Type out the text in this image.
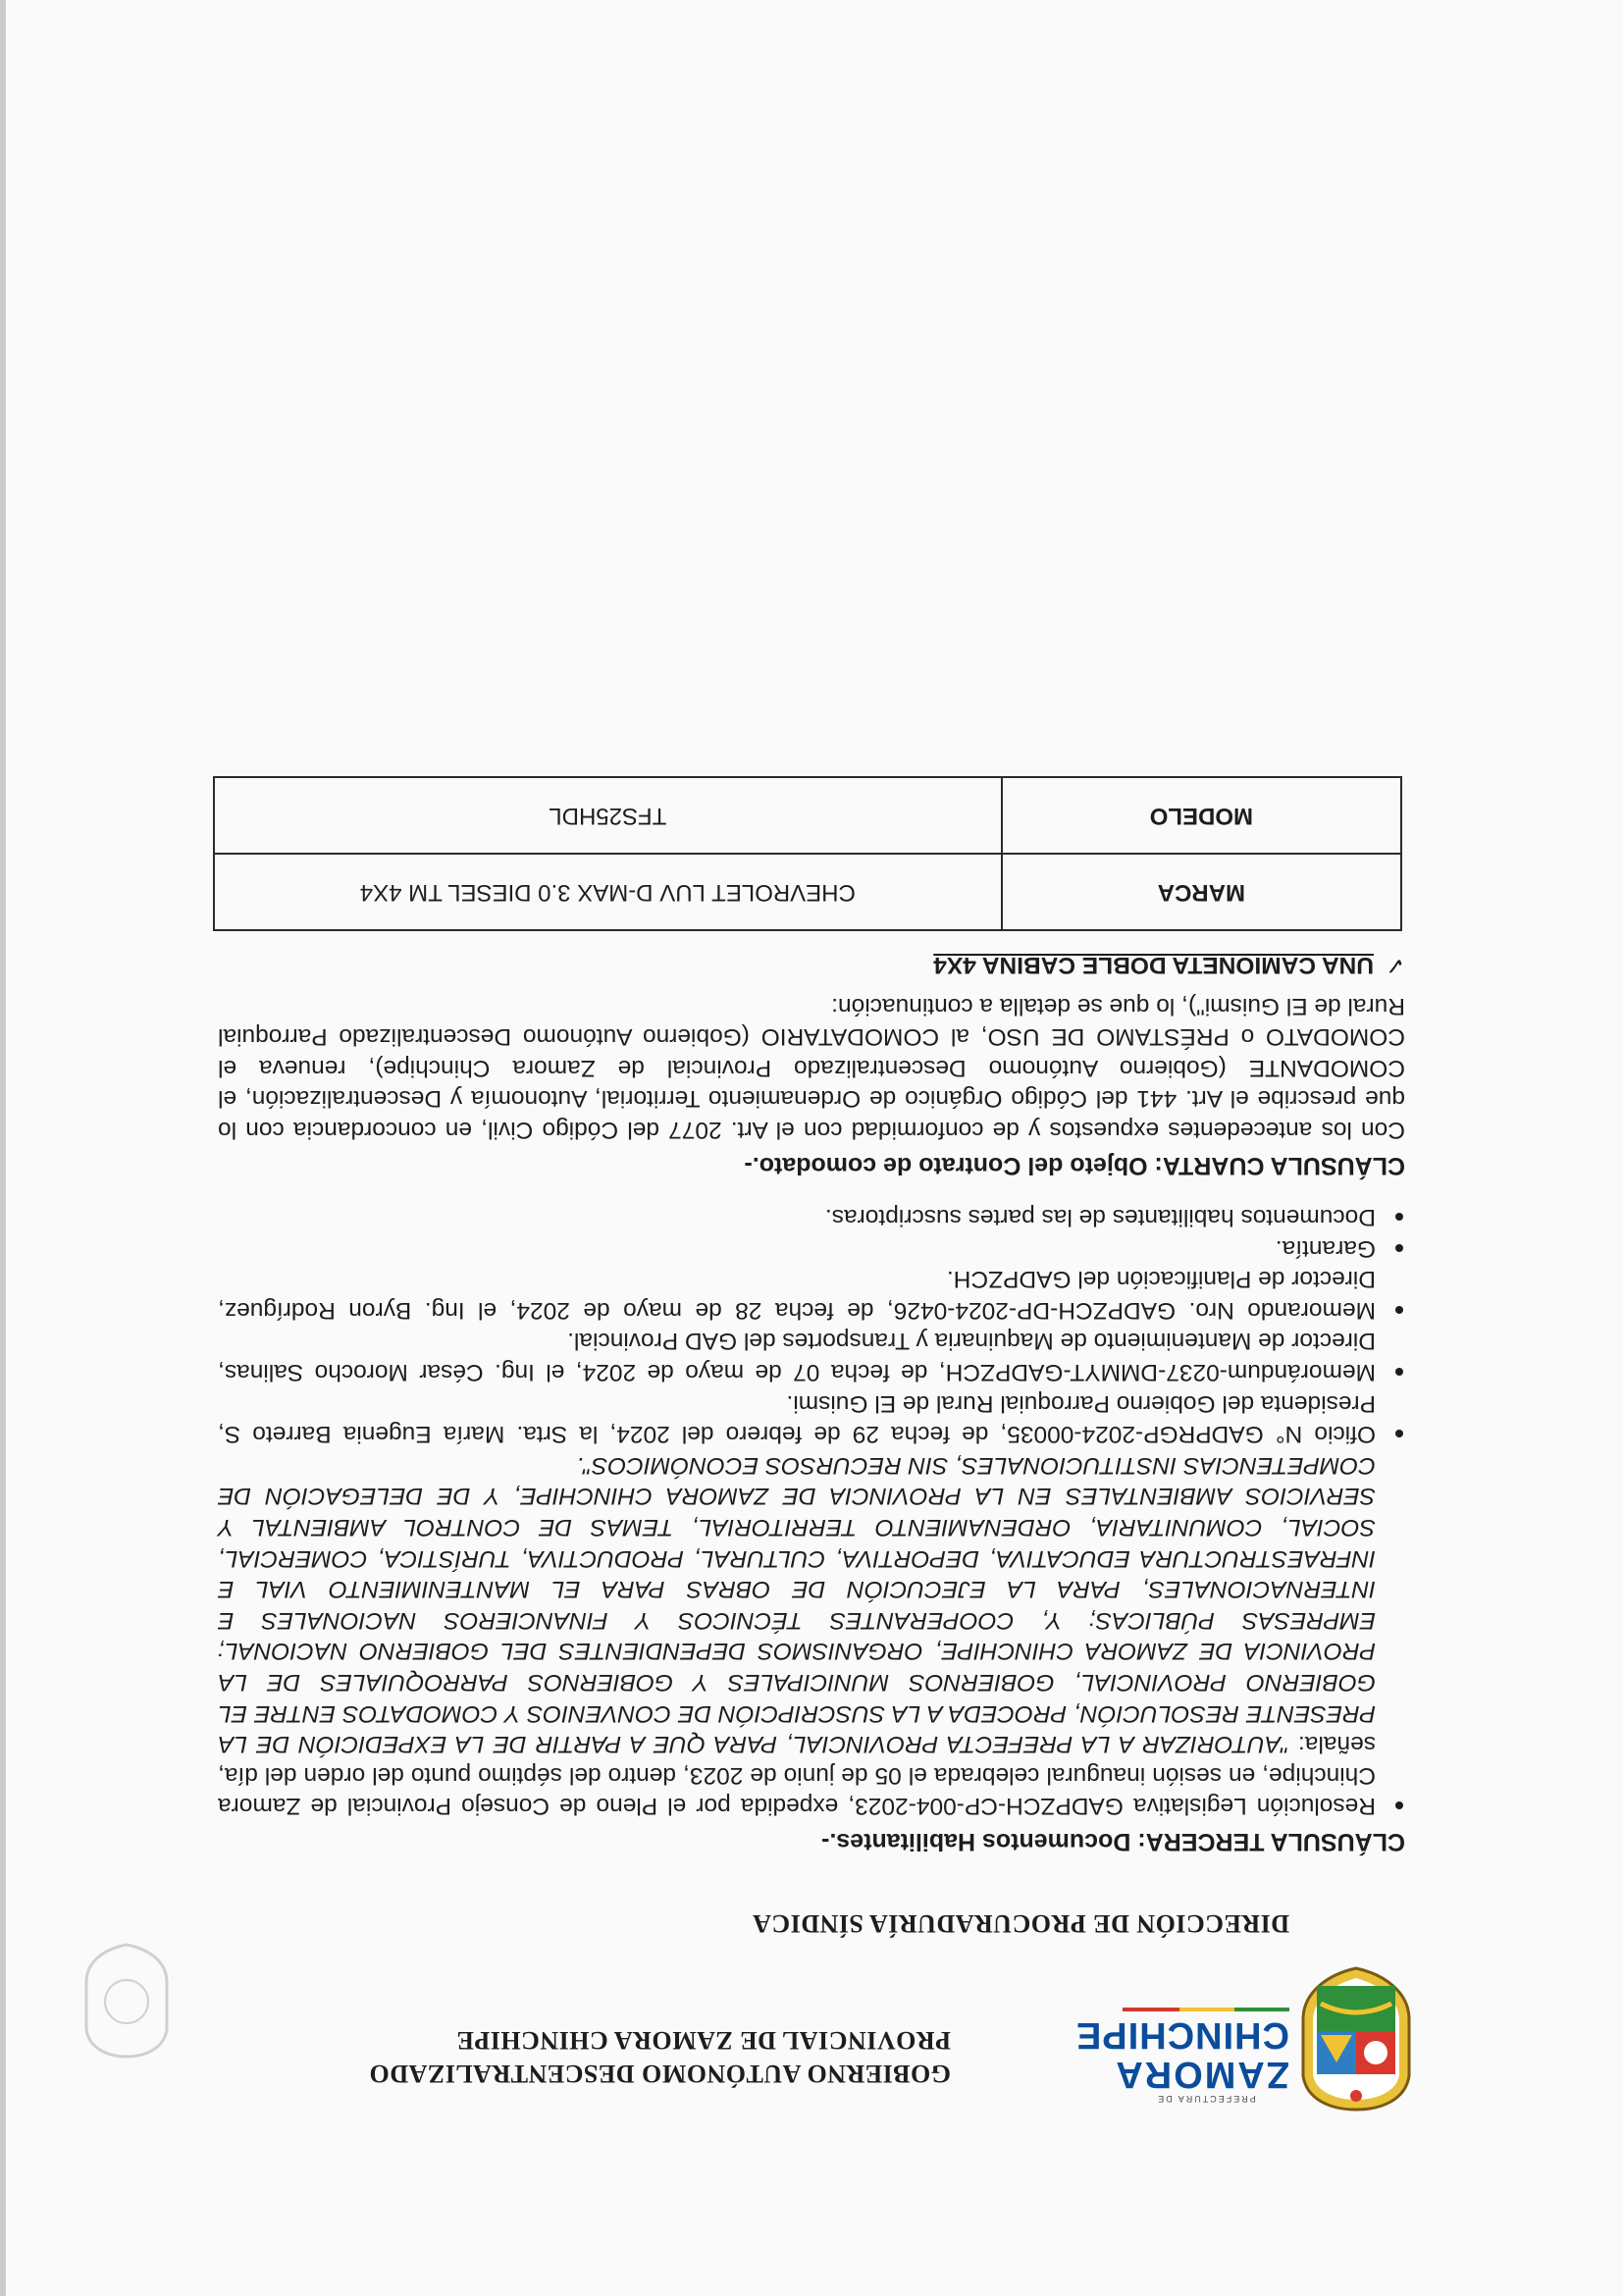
PREFECTURA DE
ZAMORA
CHINCHIPE
GOBIERNO AUTÓNOMO DESCENTRALIZADO
PROVINCIAL DE ZAMORA CHINCHIPE
DIRECCIÓN DE PROCURADURÍA SÍNDICA
CLÁUSULA TERCERA: Documentos Habilitantes.-
Resolución Legislativa GADPZCH-CP-004-2023, expedida por el Pleno de Consejo Provincial de Zamora Chinchipe, en sesión inaugural celebrada el 05 de junio de 2023, dentro del séptimo punto del orden del día, señala: "AUTORIZAR A LA PREFECTA PROVINCIAL, PARA QUE A PARTIR DE LA EXPEDICIÓN DE LA PRESENTE RESOLUCIÓN, PROCEDA A LA SUSCRIPCIÓN DE CONVENIOS Y COMODATOS ENTRE EL GOBIERNO PROVINCIAL, GOBIERNOS MUNICIPALES Y GOBIERNOS PARROQUIALES DE LA PROVINCIA DE ZAMORA CHINCHIPE, ORGANISMOS DEPENDIENTES DEL GOBIERNO NACIONAL; EMPRESAS PÚBLICAS; Y, COOPERANTES TÉCNICOS Y FINANCIEROS NACIONALES E INTERNACIONALES, PARA LA EJECUCIÓN DE OBRAS PARA EL MANTENIMIENTO VIAL E INFRAESTRUCTURA EDUCATIVA, DEPORTIVA, CULTURAL, PRODUCTIVA, TURÍSTICA, COMERCIAL, SOCIAL, COMUNITARIA, ORDENAMIENTO TERRITORIAL, TEMAS DE CONTROL AMBIENTAL Y SERVICIOS AMBIENTALES EN LA PROVINCIA DE ZAMORA CHINCHIPE, Y DE DELEGACIÓN DE COMPETENCIAS INSTITUCIONALES, SIN RECURSOS ECONÓMICOS".
Oficio N° GADPRGP-2024-00035, de fecha 29 de febrero del 2024, la Srta. María Eugenia Barreto S, Presidenta del Gobierno Parroquial Rural de El Guismi.
Memorándum-0237-DMMYT-GADPZCH, de fecha 07 de mayo de 2024, el Ing. César Morocho Salinas, Director de Mantenimiento de Maquinaria y Transportes del GAD Provincial.
Memorando Nro. GADPZCH-DP-2024-0426, de fecha 28 de mayo de 2024, el Ing. Byron Rodríguez, Director de Planificación del GADPZCH.
Garantía.
Documentos habilitantes de las partes suscriptoras.
CLÁUSULA CUARTA: Objeto del Contrato de comodato.-

Con los antecedentes expuestos y de conformidad con el Art. 2077 del Código Civil, en concordancia con lo que prescribe el Art. 441 del Código Orgánico de Ordenamiento Territorial, Autonomía y Descentralización, el COMODANTE (Gobierno Autónomo Descentralizado Provincial de Zamora Chinchipe), renueva el COMODATO o PRÉSTAMO DE USO, al COMODATARIO (Gobierno Autónomo Descentralizado Parroquial Rural de El Guismi"), lo que se detalla a continuación:

✓
UNA CAMIONETA DOBLE CABINA 4X4
MARCA	CHEVROLET LUV D-MAX 3.0 DIESEL TM 4X4
MODELO	TFS25HDL
